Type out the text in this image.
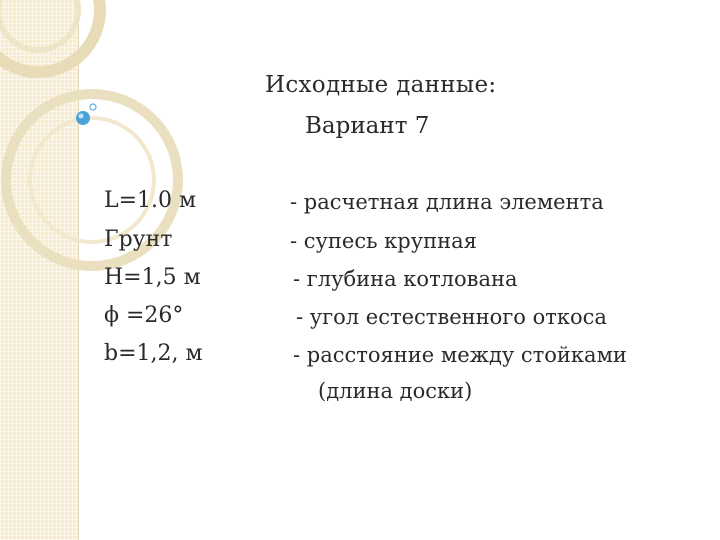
Исходные данные:
Вариант 7
L=1.0 м	- расчетная длина элемента
Грунт	- супесь крупная
H=1,5 м	- глубина котлована
ϕ =26°	- угол естественного откоса
b=1,2, м	- расстояние между стойками
(длина доски)
